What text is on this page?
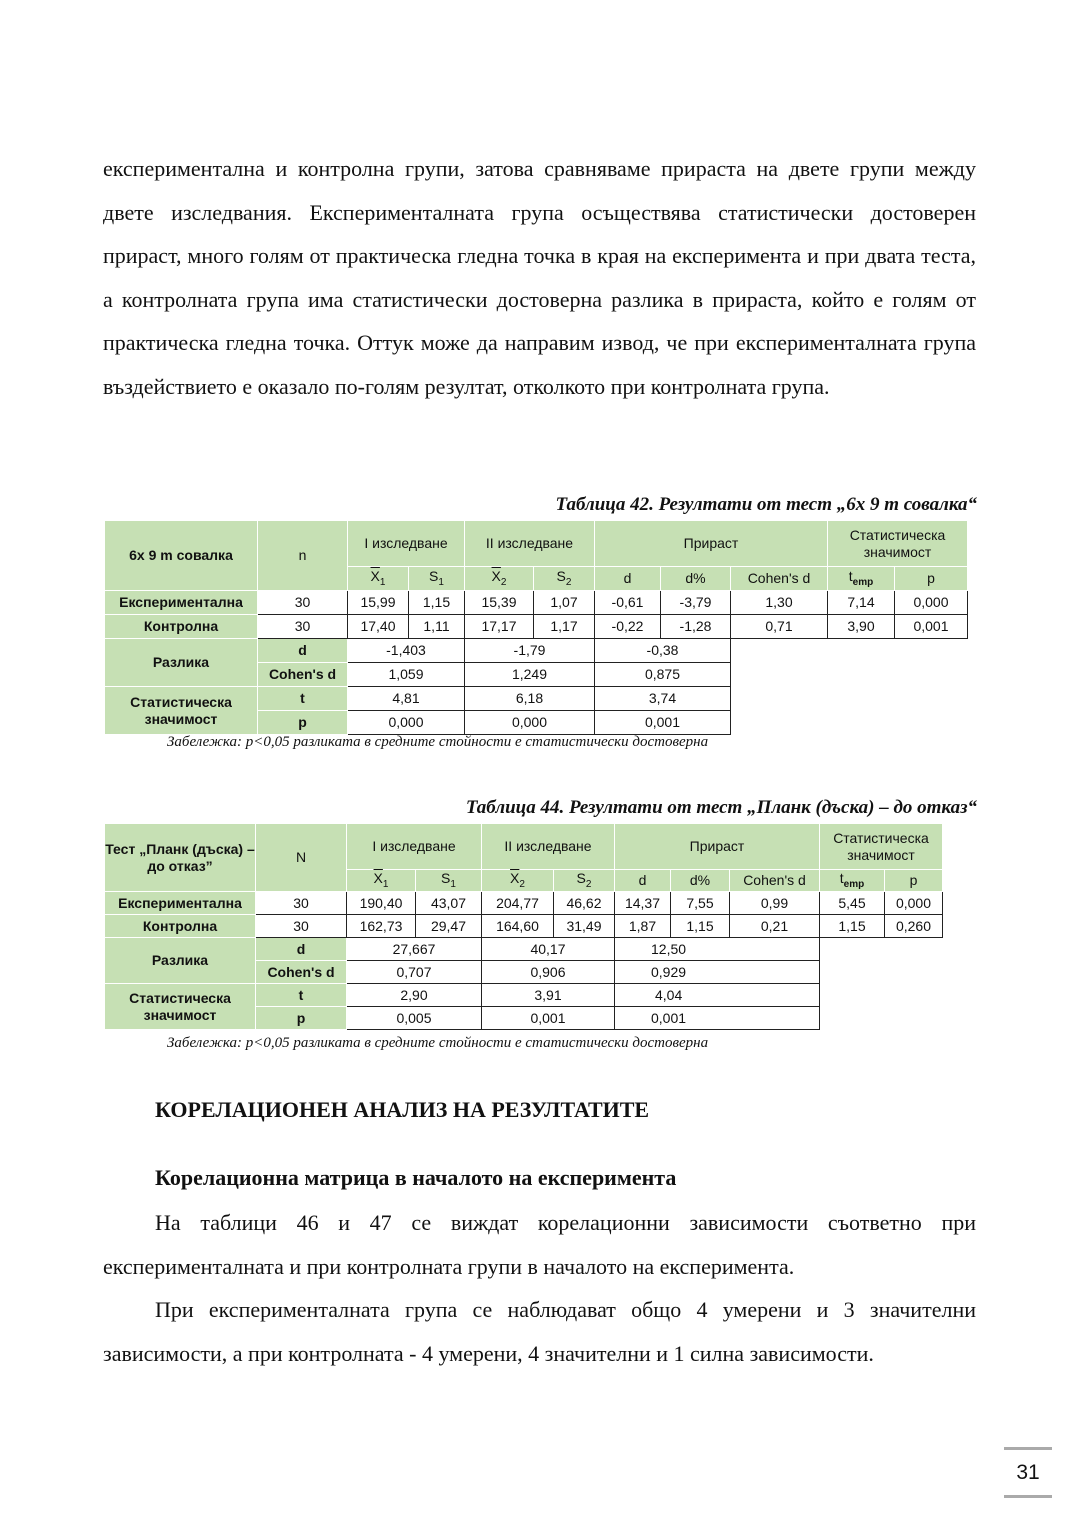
експериментална и контролна групи, затова сравняваме прираста на двете групи между двете изследвания. Експерименталната група осъществява статистически достоверен прираст, много голям от практическа гледна точка в края на експеримента и при двата теста, а контролната група има статистически достоверна разлика в прираста, който е голям от практическа гледна точка. Оттук може да направим извод, че при експерименталната група въздействието е оказало по-голям резултат, отколкото при контролната група.

Таблица 42. Резултати от тест „6х 9 m совалка“
6х 9 m совалка	n	I изследване		II изследване		Прираст			Статистическа значимост	
		$\overline{X}_1$	$S_1$	$\overline{X}_2$	$S_2$	d	d%	Cohen's d	$t_{emp}$	p
Експериментална	30	15,99	1,15	15,39	1,07	-0,61	-3,79	1,30	7,14	0,000
Контролна	30	17,40	1,11	17,17	1,17	-0,22	-1,28	0,71	3,90	0,001
Разлика	d	-1,403		-1,79		-0,38				
	Cohen's d	1,059		1,249		0,875				
Статистическа значимост	t	4,81		6,18		3,74				
	p	0,000		0,000		0,001				
Забележка: р<0,05 разликата в средните стойности е статистически достоверна
Таблица 44. Резултати от тест „Планк (дъска) – до отказ“
Тест „Планк (дъска) – до отказ”	N	I изследване		II изследване		Прираст			Статистическа значимост	
		$\overline{X}_1$	$S_1$	$\overline{X}_2$	$S_2$	d	d%	Cohen's d	$t_{emp}$	p
Експериментална	30	190,40	43,07	204,77	46,62	14,37	7,55	0,99	5,45	0,000
Контролна	30	162,73	29,47	164,60	31,49	1,87	1,15	0,21	1,15	0,260
Разлика	d	27,667		40,17		12,50				
	Cohen's d	0,707		0,906		0,929				
Статистическа значимост	t	2,90		3,91		4,04				
	p	0,005		0,001		0,001				
Забележка: р<0,05 разликата в средните стойности е статистически достоверна
КОРЕЛАЦИОНЕН АНАЛИЗ НА РЕЗУЛТАТИТЕ
Корелационна матрица в началото на експеримента

На таблици 46 и 47 се виждат корелационни зависимости съответно при експерименталната и при контролната групи в началото на експеримента.

При експерименталната група се наблюдават общо 4 умерени и 3 значителни зависимости, а при контролната - 4 умерени, 4 значителни и 1 силна зависимости.

31
